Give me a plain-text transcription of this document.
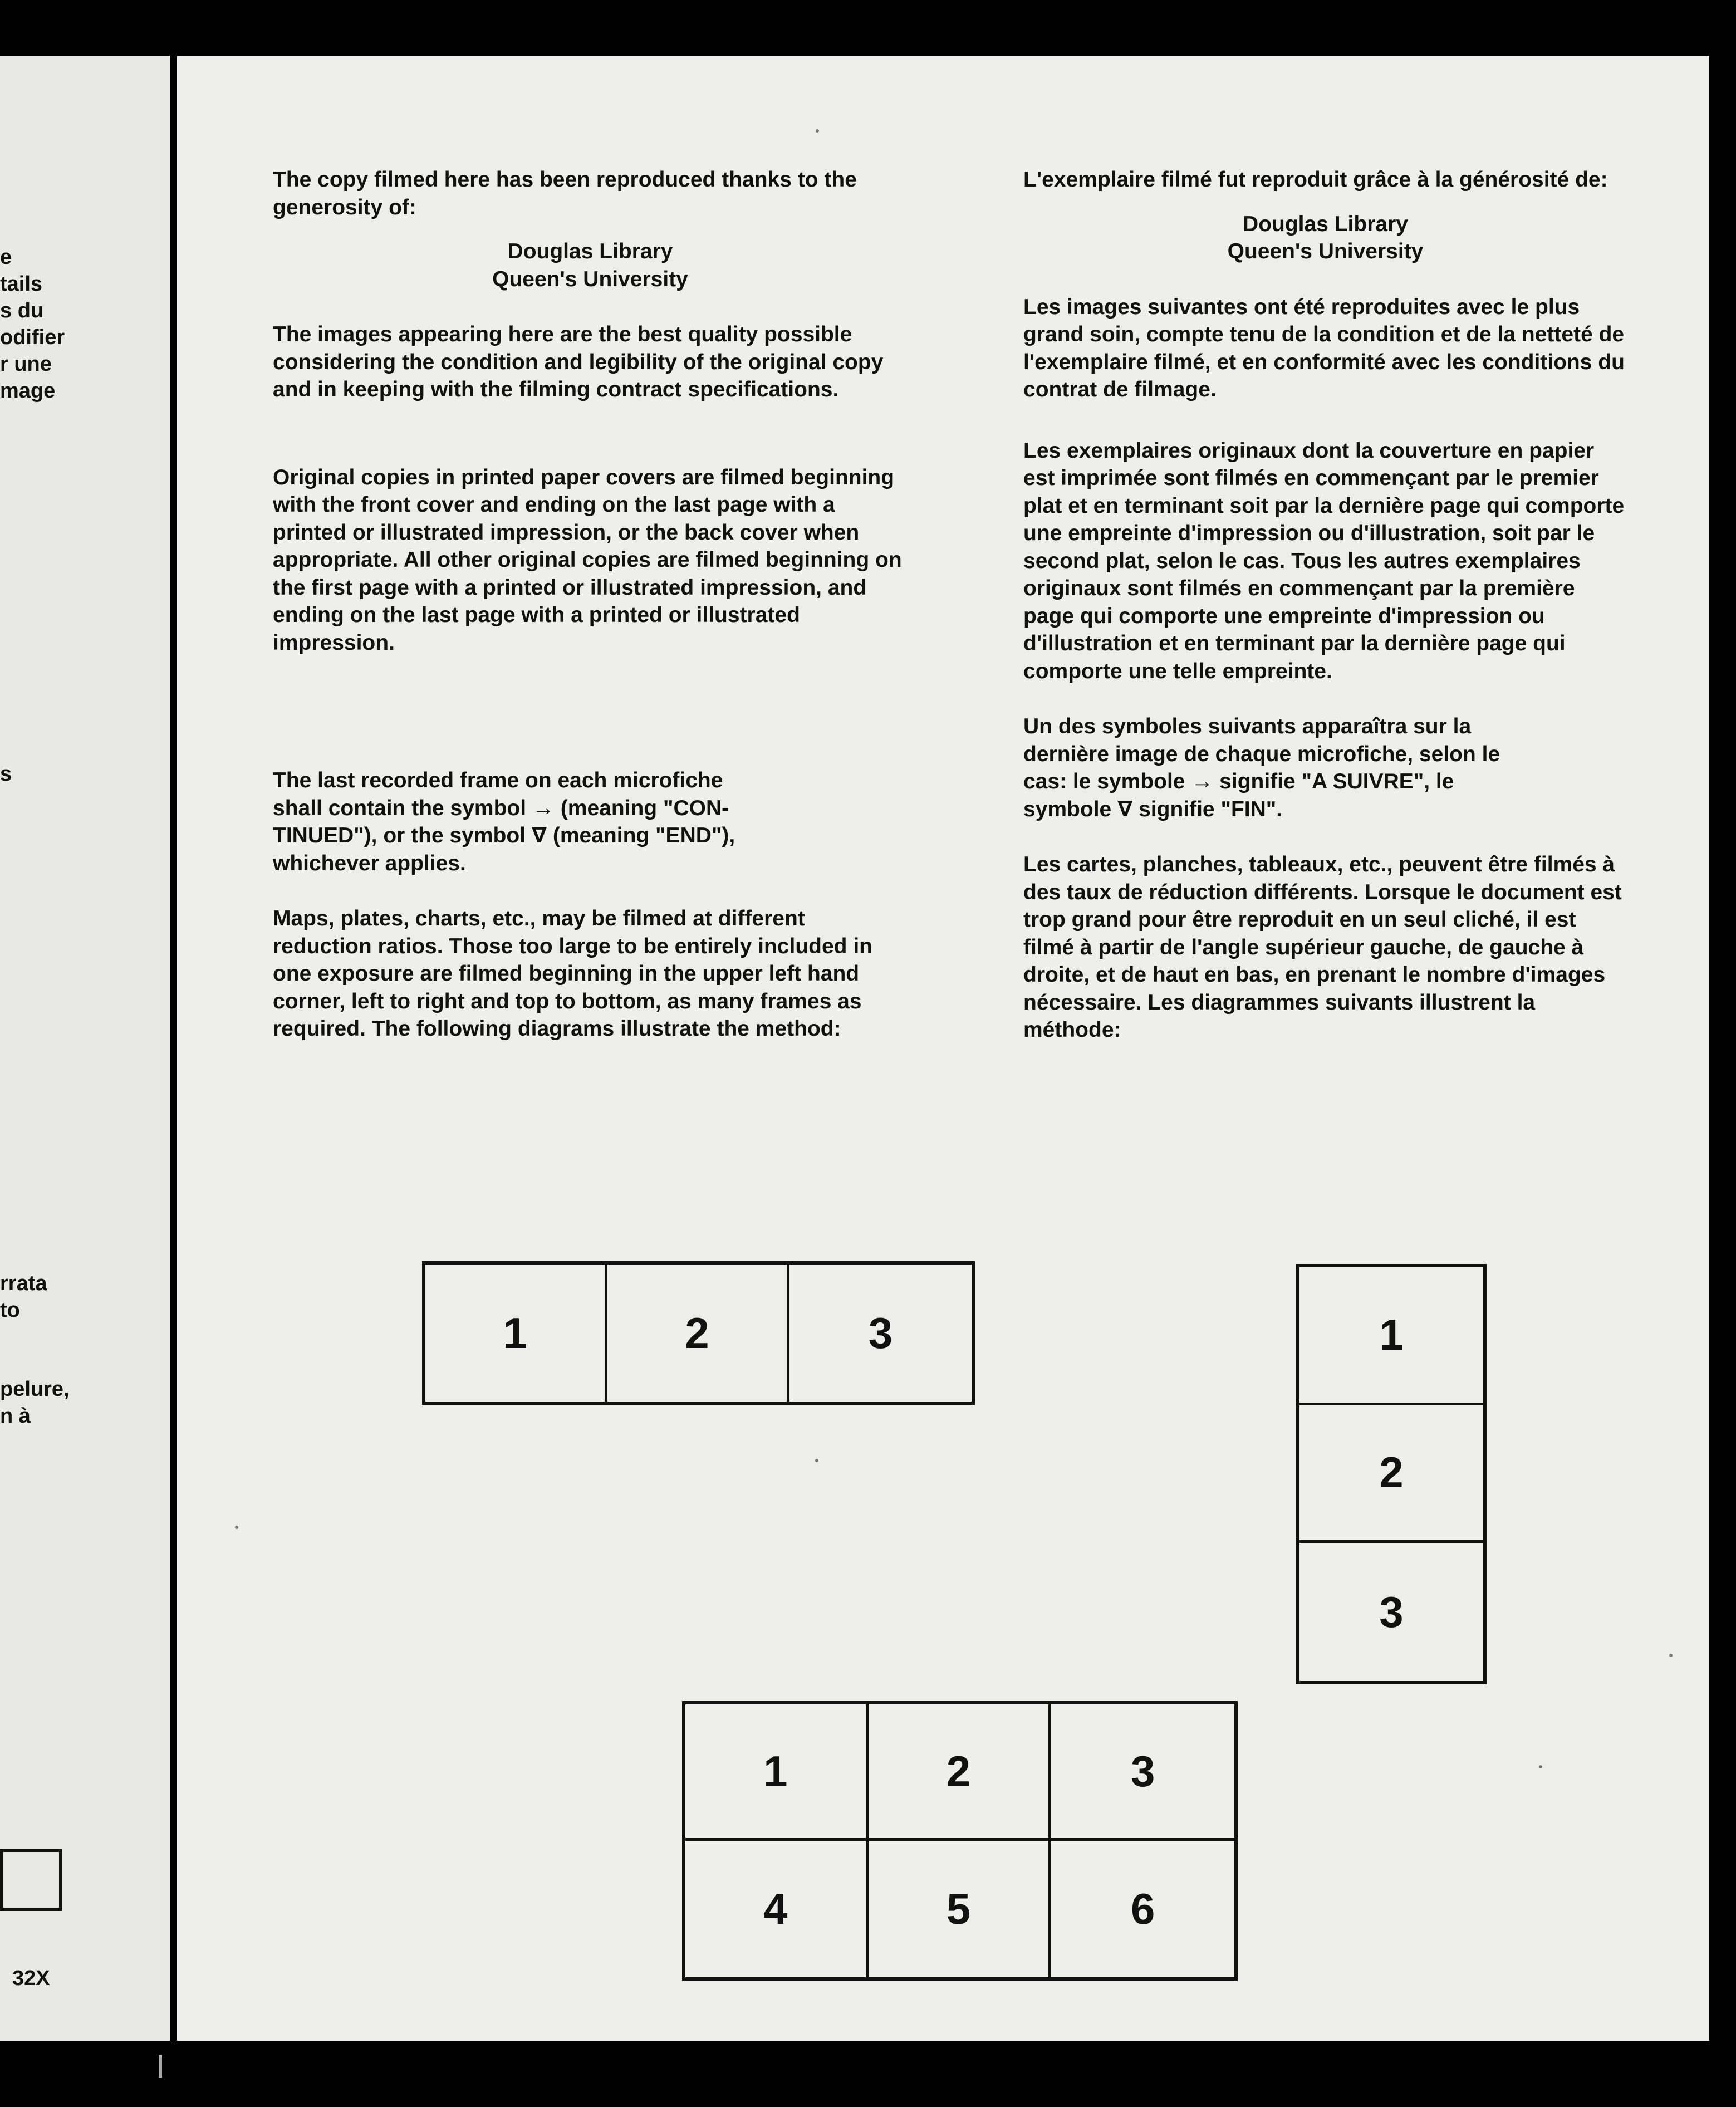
e
tails
s du
odifier
r une
mage
s
rrata
to
pelure,
n à
32X

The copy filmed here has been reproduced thanks to the generosity of:

Douglas Library

Queen's University

The images appearing here are the best quality possible considering the condition and legibility of the original copy and in keeping with the filming contract specifications.

Original copies in printed paper covers are filmed beginning with the front cover and ending on the last page with a printed or illustrated impression, or the back cover when appropriate. All other original copies are filmed beginning on the first page with a printed or illustrated impression, and ending on the last page with a printed or illustrated impression.

The last recorded frame on each microfiche

shall contain the symbol → (meaning "CON-

TINUED"), or the symbol ∇ (meaning "END"),

whichever applies.

Maps, plates, charts, etc., may be filmed at different reduction ratios. Those too large to be entirely included in one exposure are filmed beginning in the upper left hand corner, left to right and top to bottom, as many frames as required. The following diagrams illustrate the method:

L'exemplaire filmé fut reproduit grâce à la générosité de:

Douglas Library

Queen's University

Les images suivantes ont été reproduites avec le plus grand soin, compte tenu de la condition et de la netteté de l'exemplaire filmé, et en conformité avec les conditions du contrat de filmage.

Les exemplaires originaux dont la couverture en papier est imprimée sont filmés en commençant par le premier plat et en terminant soit par la dernière page qui comporte une empreinte d'impression ou d'illustration, soit par le second plat, selon le cas. Tous les autres exemplaires originaux sont filmés en commençant par la première page qui comporte une empreinte d'impression ou d'illustration et en terminant par la dernière page qui comporte une telle empreinte.

Un des symboles suivants apparaîtra sur la

dernière image de chaque microfiche, selon le

cas: le symbole → signifie "A SUIVRE", le

symbole ∇ signifie "FIN".

Les cartes, planches, tableaux, etc., peuvent être filmés à des taux de réduction différents. Lorsque le document est trop grand pour être reproduit en un seul cliché, il est filmé à partir de l'angle supérieur gauche, de gauche à droite, et de haut en bas, en prenant le nombre d'images nécessaire. Les diagrammes suivants illustrent la méthode:

1	2	3	1
2
3
1	2	3
4	5	6
